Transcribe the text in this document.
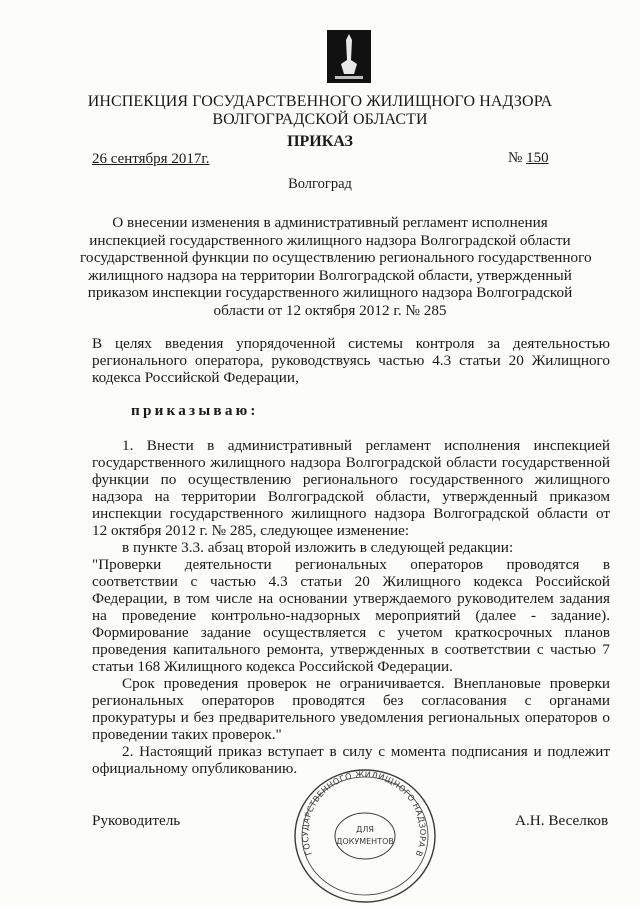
ИНСПЕКЦИЯ ГОСУДАРСТВЕННОГО ЖИЛИЩНОГО НАДЗОРА
ВОЛГОГРАДСКОЙ ОБЛАСТИ
ПРИКАЗ
26 сентября 2017г.	№ 150
Волгоград
О внесении изменения в административный регламент исполнения
инспекцией государственного жилищного надзора Волгоградской области
государственной функции по осуществлению регионального государственного
жилищного надзора на территории Волгоградской области, утвержденный
приказом инспекции государственного жилищного надзора Волгоградской
области от 12 октября 2012 г. № 285
В целях введения упорядоченной системы контроля за деятельностью
регионального оператора, руководствуясь частью 4.3 статьи 20 Жилищного
кодекса Российской Федерации,
приказываю:
1. Внести в административный регламент исполнения инспекцией
государственного жилищного надзора Волгоградской области государственной
функции по осуществлению регионального государственного жилищного
надзора на территории Волгоградской области, утвержденный приказом
инспекции государственного жилищного надзора Волгоградской области от
12 октября 2012 г. № 285, следующее изменение:
в пункте 3.3. абзац второй изложить в следующей редакции:
"Проверки деятельности региональных операторов проводятся в
соответствии с частью 4.3 статьи 20 Жилищного кодекса Российской
Федерации, в том числе на основании утверждаемого руководителем задания
на проведение контрольно-надзорных мероприятий (далее - задание).
Формирование задание осуществляется с учетом краткосрочных планов
проведения капитального ремонта, утвержденных в соответствии с частью 7
статьи 168 Жилищного кодекса Российской Федерации.
Срок проведения проверок не ограничивается. Внеплановые проверки
региональных операторов проводятся без согласования с органами
прокуратуры и без предварительного уведомления региональных операторов о
проведении таких проверок."
2. Настоящий приказ вступает в силу с момента подписания и подлежит
официальному опубликованию.
Руководитель	А.Н. Веселков
ГОСУДАРСТВЕННОГО ЖИЛИЩНОГО НАДЗОРА В
ДЛЯ
ДОКУМЕНТОВ
